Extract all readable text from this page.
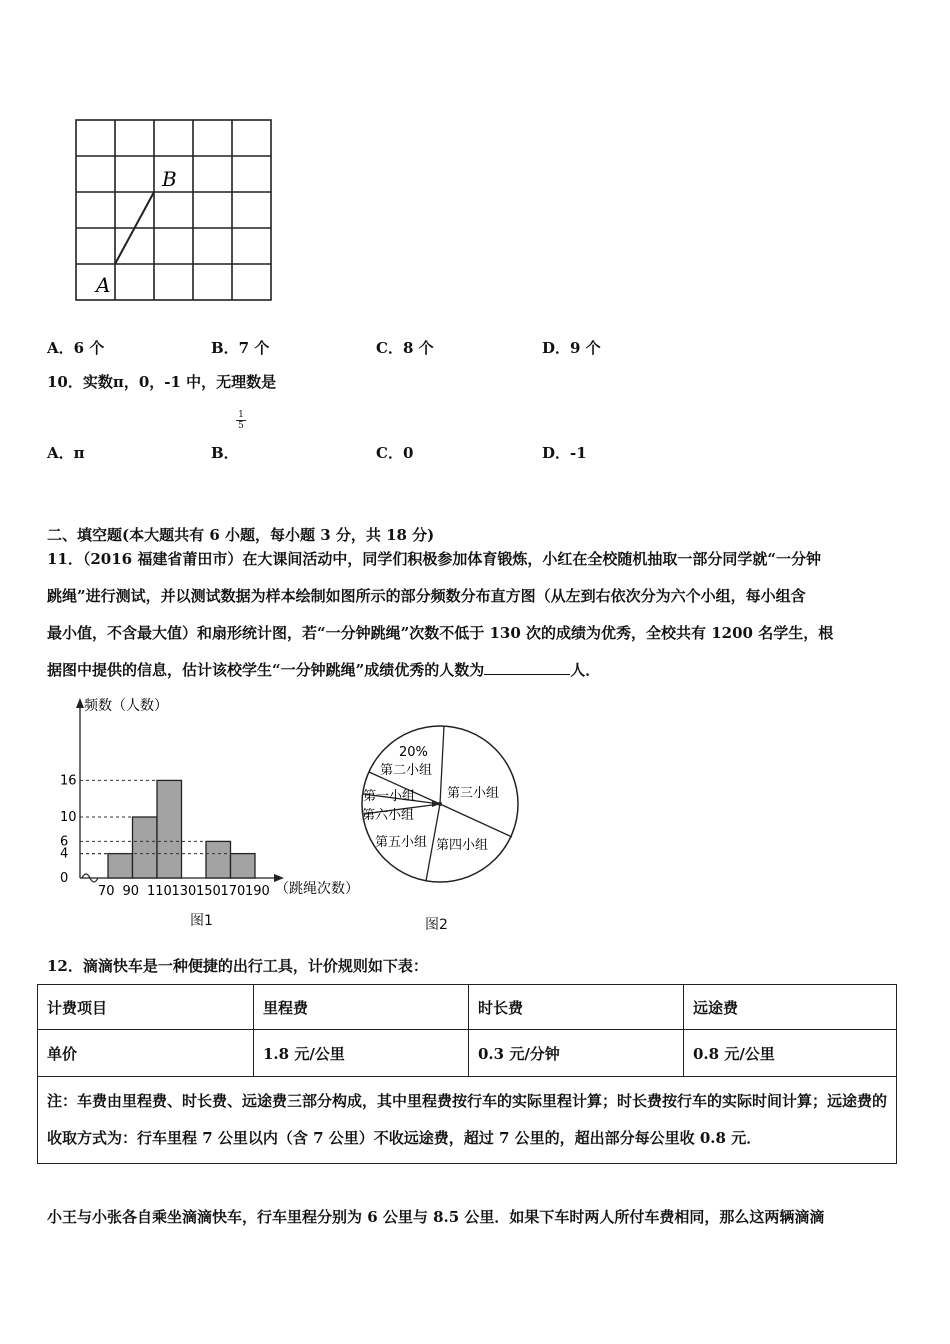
B
A
A．6 个	B．7 个	C．8 个	D．9 个
10．实数π，0，-1 中，无理数是
$\frac{1}{5}$
A．π	B．	C．0	D．-1
二、填空题(本大题共有 6 小题，每小题 3 分，共 18 分)
11．（2016 福建省莆田市）在大课间活动中，同学们积极参加体育锻炼，小红在全校随机抽取一部分同学就“一分钟
跳绳”进行测试，并以测试数据为样本绘制如图所示的部分频数分布直方图（从左到右依次分为六个小组，每小组含
最小值，不含最大值）和扇形统计图，若“一分钟跳绳”次数不低于 130 次的成绩为优秀，全校共有 1200 名学生，根
据图中提供的信息，估计该校学生“一分钟跳绳”成绩优秀的人数为	人．
频数（人数）
0
4
6
10
16
70 90 110 130 150 170 190 （跳绳次数）
图1
20%
第二小组
第三小组
第四小组
第五小组
第六小组
第一小组
图2
12．滴滴快车是一种便捷的出行工具，计价规则如下表：
计费项目	里程费	时长费	远途费
单价	1.8 元/公里	0.3 元/分钟	0.8 元/公里
注：车费由里程费、时长费、远途费三部分构成，其中里程费按行车的实际里程计算；时长费按行车的实际时间计算；远途费的收取方式为：行车里程 7 公里以内（含 7 公里）不收远途费，超过 7 公里的，超出部分每公里收 0.8 元．			
小王与小张各自乘坐滴滴快车，行车里程分别为 6 公里与 8.5 公里．如果下车时两人所付车费相同，那么这两辆滴滴
